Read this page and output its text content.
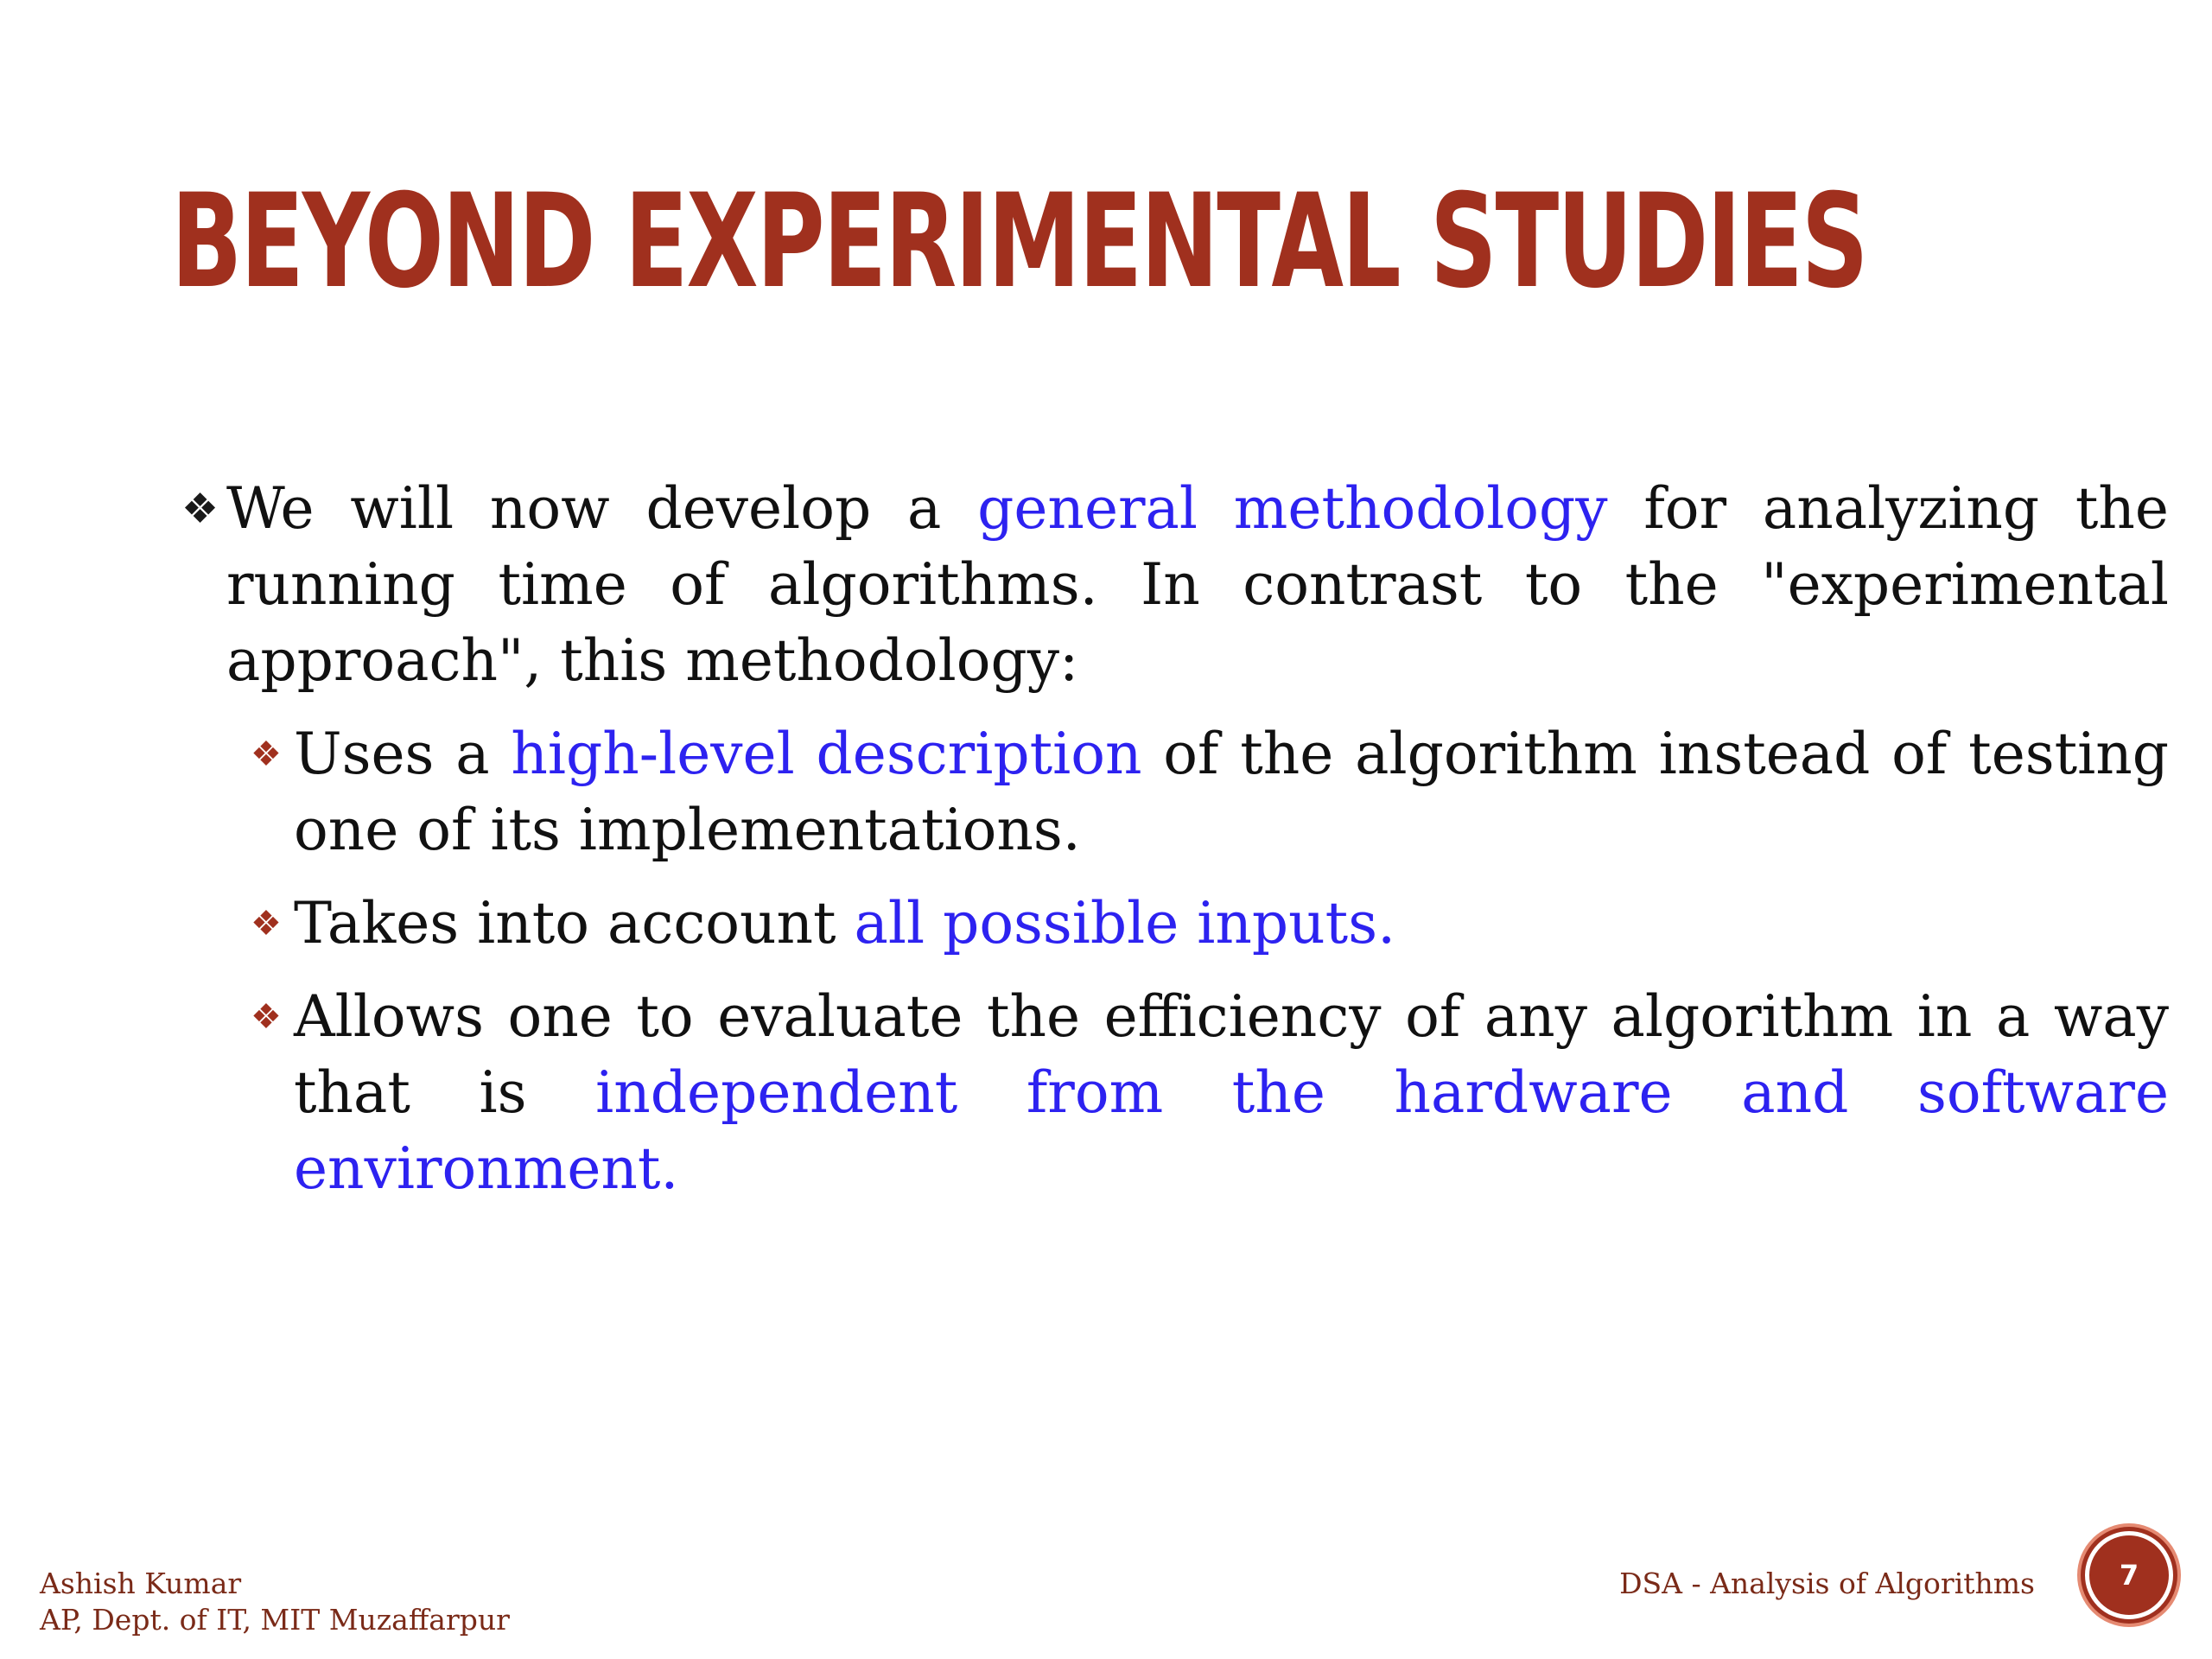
BEYOND EXPERIMENTAL STUDIES
❖ We will now develop a general methodology for analyzing the running time of algorithms. In contrast to the "experimental approach", this methodology:
❖ Uses a high-level description of the algorithm instead of testing one of its implementations.
❖ Takes into account all possible inputs.
❖ Allows one to evaluate the efficiency of any algorithm in a way that is independent from the hardware and software environment.
Ashish Kumar
AP, Dept. of IT, MIT Muzaffarpur
DSA - Analysis of Algorithms	7
